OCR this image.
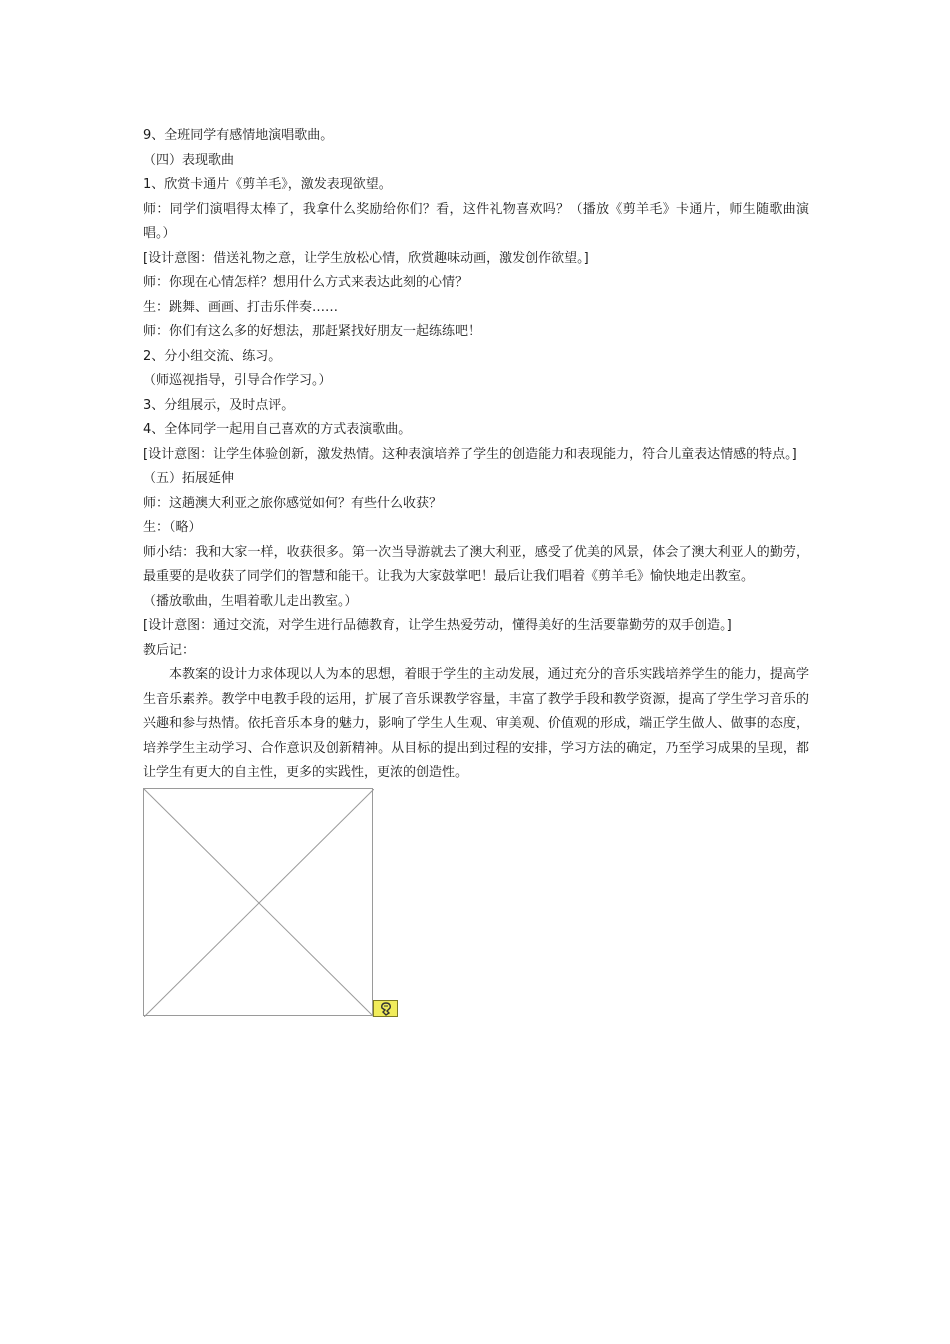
9、全班同学有感情地演唱歌曲。

（四）表现歌曲

1、欣赏卡通片《剪羊毛》，激发表现欲望。

师：同学们演唱得太棒了，我拿什么奖励给你们？看，这件礼物喜欢吗？（播放《剪羊毛》卡通片，师生随歌曲演唱。）

[设计意图：借送礼物之意，让学生放松心情，欣赏趣味动画，激发创作欲望。]

师：你现在心情怎样？想用什么方式来表达此刻的心情？

生：跳舞、画画、打击乐伴奏……

师：你们有这么多的好想法，那赶紧找好朋友一起练练吧！

2、分小组交流、练习。

（师巡视指导，引导合作学习。）

3、分组展示，及时点评。

4、全体同学一起用自己喜欢的方式表演歌曲。

[设计意图：让学生体验创新，激发热情。这种表演培养了学生的创造能力和表现能力，符合儿童表达情感的特点。]

（五）拓展延伸

师：这趟澳大利亚之旅你感觉如何？有些什么收获？

生：（略）

师小结：我和大家一样，收获很多。第一次当导游就去了澳大利亚，感受了优美的风景，体会了澳大利亚人的勤劳，最重要的是收获了同学们的智慧和能干。让我为大家鼓掌吧！最后让我们唱着《剪羊毛》愉快地走出教室。

（播放歌曲，生唱着歌儿走出教室。）

[设计意图：通过交流，对学生进行品德教育，让学生热爱劳动，懂得美好的生活要靠勤劳的双手创造。]

教后记：

本教案的设计力求体现以人为本的思想，着眼于学生的主动发展，通过充分的音乐实践培养学生的能力，提高学生音乐素养。教学中电教手段的运用，扩展了音乐课教学容量，丰富了教学手段和教学资源，提高了学生学习音乐的兴趣和参与热情。依托音乐本身的魅力，影响了学生人生观、审美观、价值观的形成，端正学生做人、做事的态度，培养学生主动学习、合作意识及创新精神。从目标的提出到过程的安排，学习方法的确定，乃至学习成果的呈现，都让学生有更大的自主性，更多的实践性，更浓的创造性。
